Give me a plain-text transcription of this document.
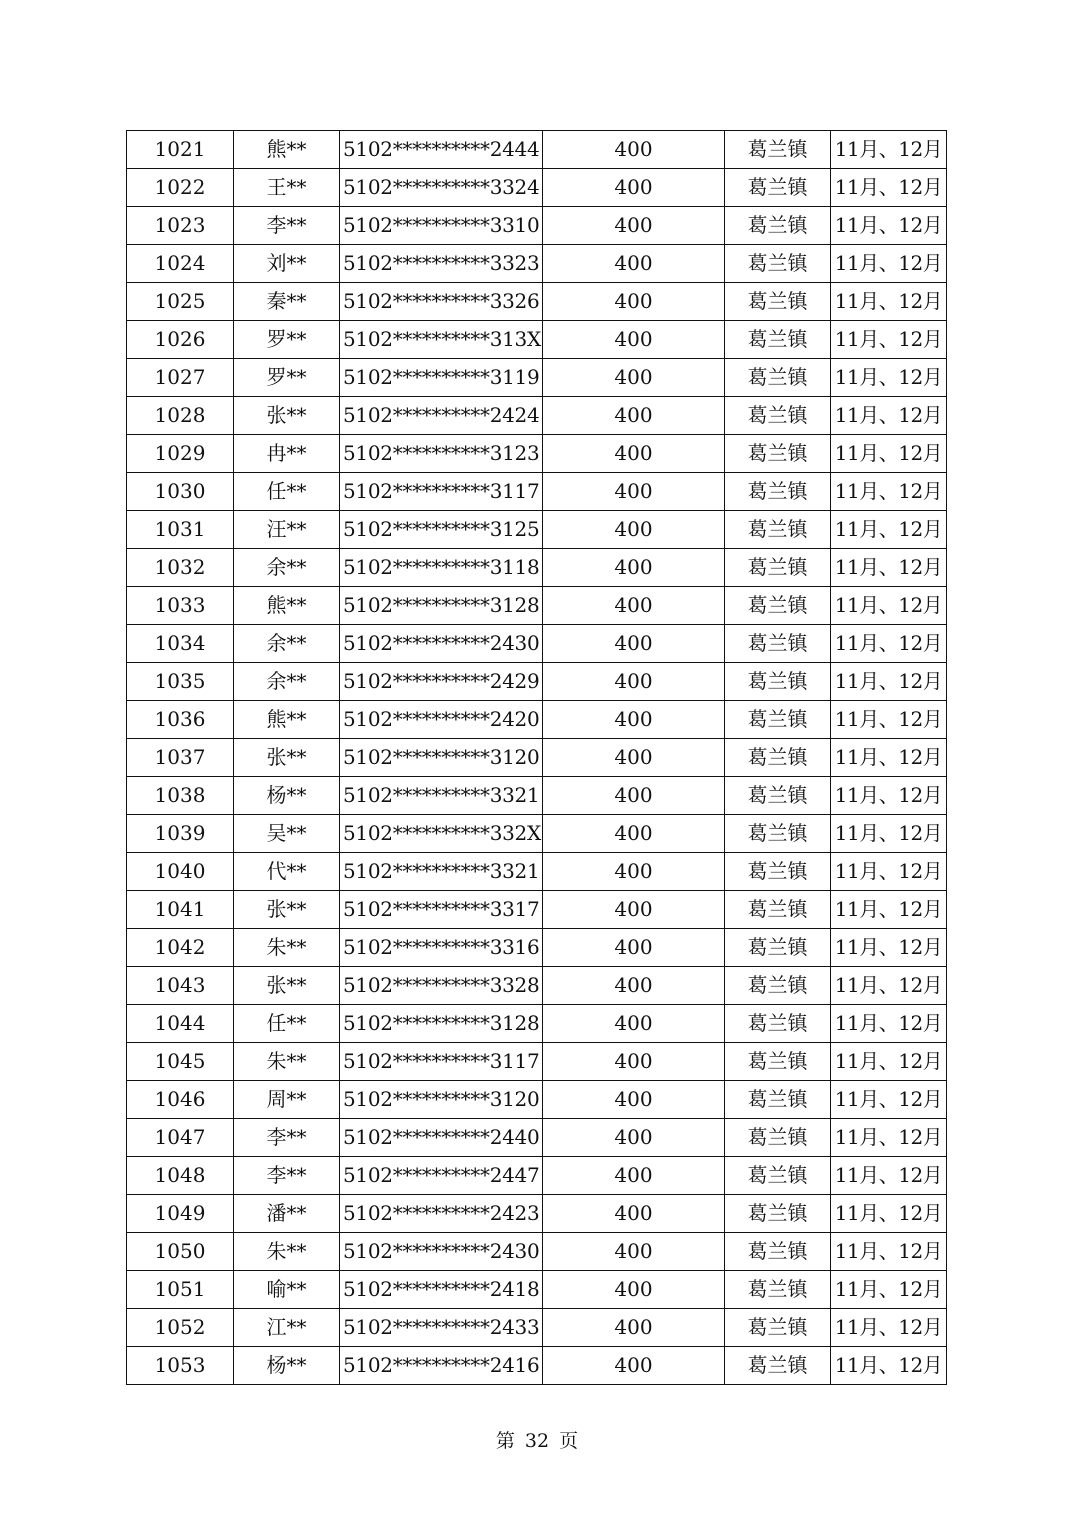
1021	熊**	5102**********2444	400	葛兰镇	11月、12月
1022	王**	5102**********3324	400	葛兰镇	11月、12月
1023	李**	5102**********3310	400	葛兰镇	11月、12月
1024	刘**	5102**********3323	400	葛兰镇	11月、12月
1025	秦**	5102**********3326	400	葛兰镇	11月、12月
1026	罗**	5102**********313X	400	葛兰镇	11月、12月
1027	罗**	5102**********3119	400	葛兰镇	11月、12月
1028	张**	5102**********2424	400	葛兰镇	11月、12月
1029	冉**	5102**********3123	400	葛兰镇	11月、12月
1030	任**	5102**********3117	400	葛兰镇	11月、12月
1031	汪**	5102**********3125	400	葛兰镇	11月、12月
1032	余**	5102**********3118	400	葛兰镇	11月、12月
1033	熊**	5102**********3128	400	葛兰镇	11月、12月
1034	余**	5102**********2430	400	葛兰镇	11月、12月
1035	余**	5102**********2429	400	葛兰镇	11月、12月
1036	熊**	5102**********2420	400	葛兰镇	11月、12月
1037	张**	5102**********3120	400	葛兰镇	11月、12月
1038	杨**	5102**********3321	400	葛兰镇	11月、12月
1039	吴**	5102**********332X	400	葛兰镇	11月、12月
1040	代**	5102**********3321	400	葛兰镇	11月、12月
1041	张**	5102**********3317	400	葛兰镇	11月、12月
1042	朱**	5102**********3316	400	葛兰镇	11月、12月
1043	张**	5102**********3328	400	葛兰镇	11月、12月
1044	任**	5102**********3128	400	葛兰镇	11月、12月
1045	朱**	5102**********3117	400	葛兰镇	11月、12月
1046	周**	5102**********3120	400	葛兰镇	11月、12月
1047	李**	5102**********2440	400	葛兰镇	11月、12月
1048	李**	5102**********2447	400	葛兰镇	11月、12月
1049	潘**	5102**********2423	400	葛兰镇	11月、12月
1050	朱**	5102**********2430	400	葛兰镇	11月、12月
1051	喻**	5102**********2418	400	葛兰镇	11月、12月
1052	江**	5102**********2433	400	葛兰镇	11月、12月
1053	杨**	5102**********2416	400	葛兰镇	11月、12月
第 32 页
